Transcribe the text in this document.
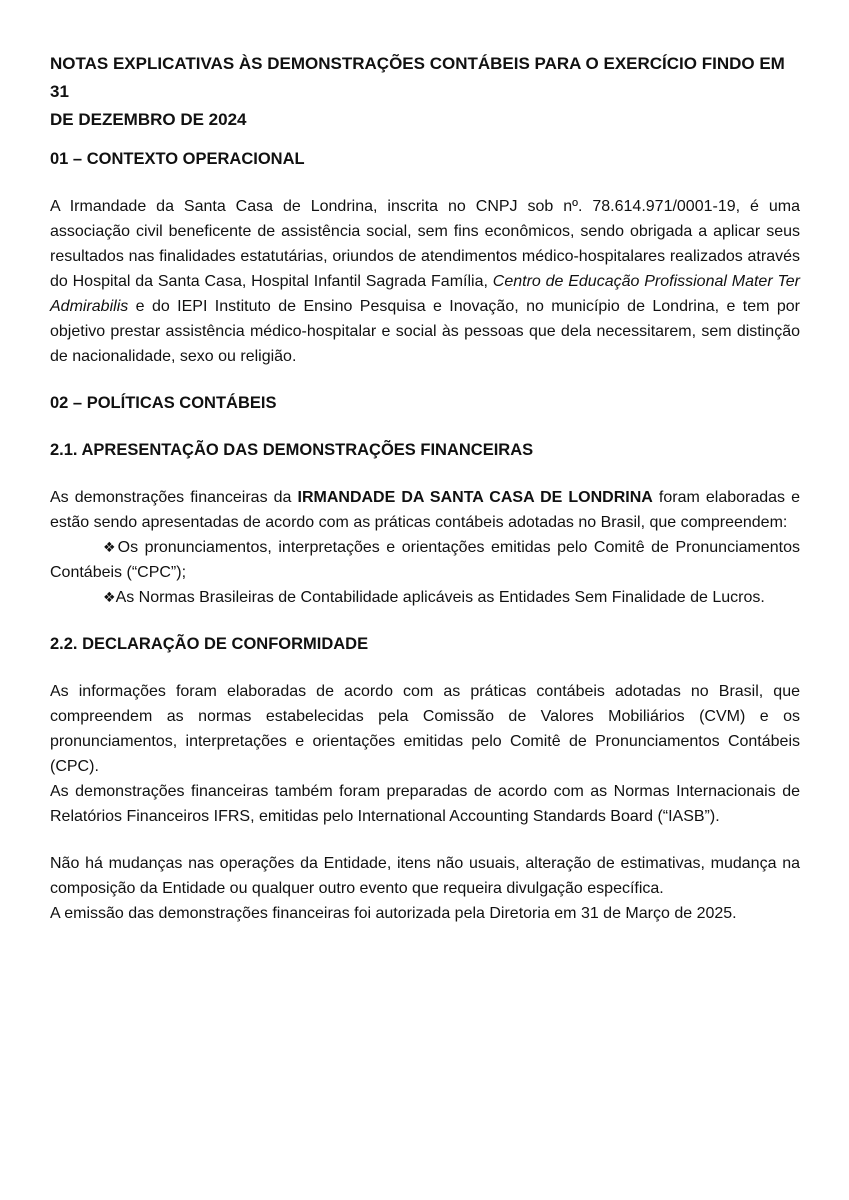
NOTAS EXPLICATIVAS ÀS DEMONSTRAÇÕES CONTÁBEIS PARA O EXERCÍCIO FINDO EM 31
DE DEZEMBRO DE 2024

01 – CONTEXTO OPERACIONAL

A Irmandade da Santa Casa de Londrina, inscrita no CNPJ sob nº. 78.614.971/0001-19, é uma associação civil beneficente de assistência social, sem fins econômicos, sendo obrigada a aplicar seus resultados nas finalidades estatutárias, oriundos de atendimentos médico-hospitalares realizados através do Hospital da Santa Casa, Hospital Infantil Sagrada Família, Centro de Educação Profissional Mater Ter Admirabilis e do IEPI Instituto de Ensino Pesquisa e Inovação, no município de Londrina, e tem por objetivo prestar assistência médico-hospitalar e social às pessoas que dela necessitarem, sem distinção de nacionalidade, sexo ou religião.

02 – POLÍTICAS CONTÁBEIS

2.1. APRESENTAÇÃO DAS DEMONSTRAÇÕES FINANCEIRAS

As demonstrações financeiras da IRMANDADE DA SANTA CASA DE LONDRINA foram elaboradas e estão sendo apresentadas de acordo com as práticas contábeis adotadas no Brasil, que compreendem:

❖Os pronunciamentos, interpretações e orientações emitidas pelo Comitê de Pronunciamentos Contábeis (“CPC”);

❖As Normas Brasileiras de Contabilidade aplicáveis as Entidades Sem Finalidade de Lucros.

2.2. DECLARAÇÃO DE CONFORMIDADE

As informações foram elaboradas de acordo com as práticas contábeis adotadas no Brasil, que compreendem as normas estabelecidas pela Comissão de Valores Mobiliários (CVM) e os pronunciamentos, interpretações e orientações emitidas pelo Comitê de Pronunciamentos Contábeis (CPC).

As demonstrações financeiras também foram preparadas de acordo com as Normas Internacionais de Relatórios Financeiros IFRS, emitidas pelo International Accounting Standards Board (“IASB”).

Não há mudanças nas operações da Entidade, itens não usuais, alteração de estimativas, mudança na composição da Entidade ou qualquer outro evento que requeira divulgação específica.

A emissão das demonstrações financeiras foi autorizada pela Diretoria em 31 de Março de 2025.
